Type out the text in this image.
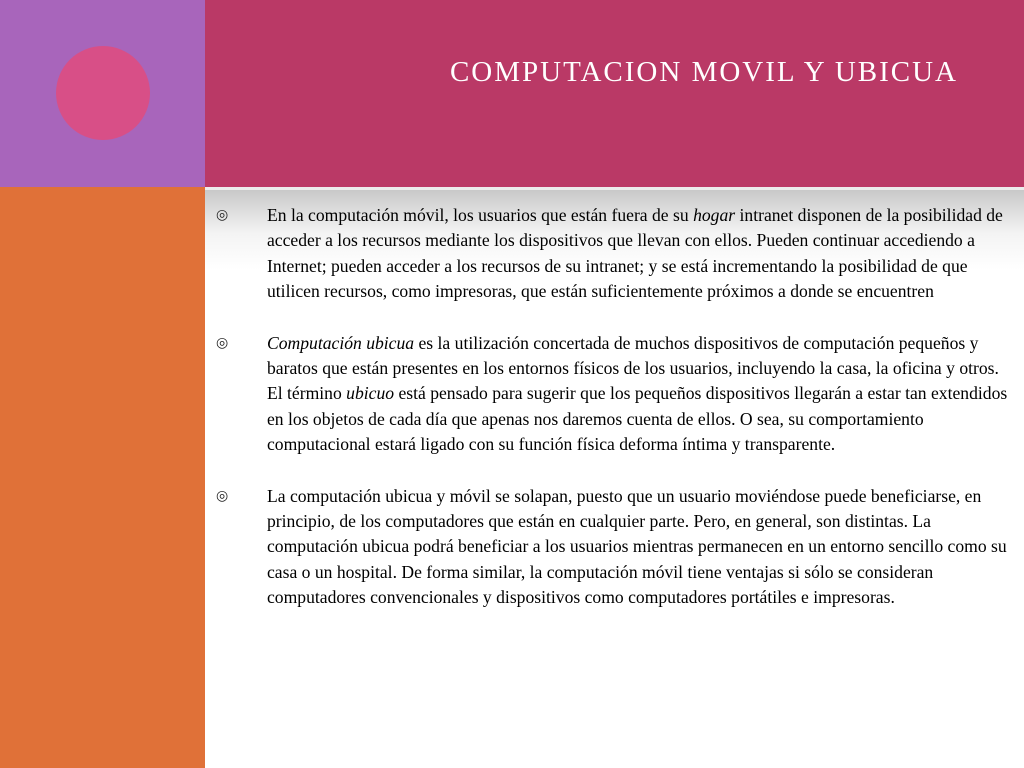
COMPUTACION MOVIL Y UBICUA
◎ En la computación móvil, los usuarios que están fuera de su hogar intranet disponen de la posibilidad de acceder a los recursos mediante los dispositivos que llevan con ellos. Pueden continuar accediendo a Internet; pueden acceder a los recursos de su intranet; y se está incrementando la posibilidad de que utilicen recursos, como impresoras, que están suficientemente próximos a donde se encuentren

◎ Computación ubicua es la utilización concertada de muchos dispositivos de computación pequeños y baratos que están presentes en los entornos físicos de los usuarios, incluyendo la casa, la oficina y otros. El término ubicuo está pensado para sugerir que los pequeños dispositivos llegarán a estar tan extendidos en los objetos de cada día que apenas nos daremos cuenta de ellos. O sea, su comportamiento computacional estará ligado con su función física deforma íntima y transparente.

◎ La computación ubicua y móvil se solapan, puesto que un usuario moviéndose puede beneficiarse, en principio, de los computadores que están en cualquier parte. Pero, en general, son distintas. La computación ubicua podrá beneficiar a los usuarios mientras permanecen en un entorno sencillo como su casa o un hospital. De forma similar, la computación móvil tiene ventajas si sólo se consideran computadores convencionales y dispositivos como computadores portátiles e impresoras.
